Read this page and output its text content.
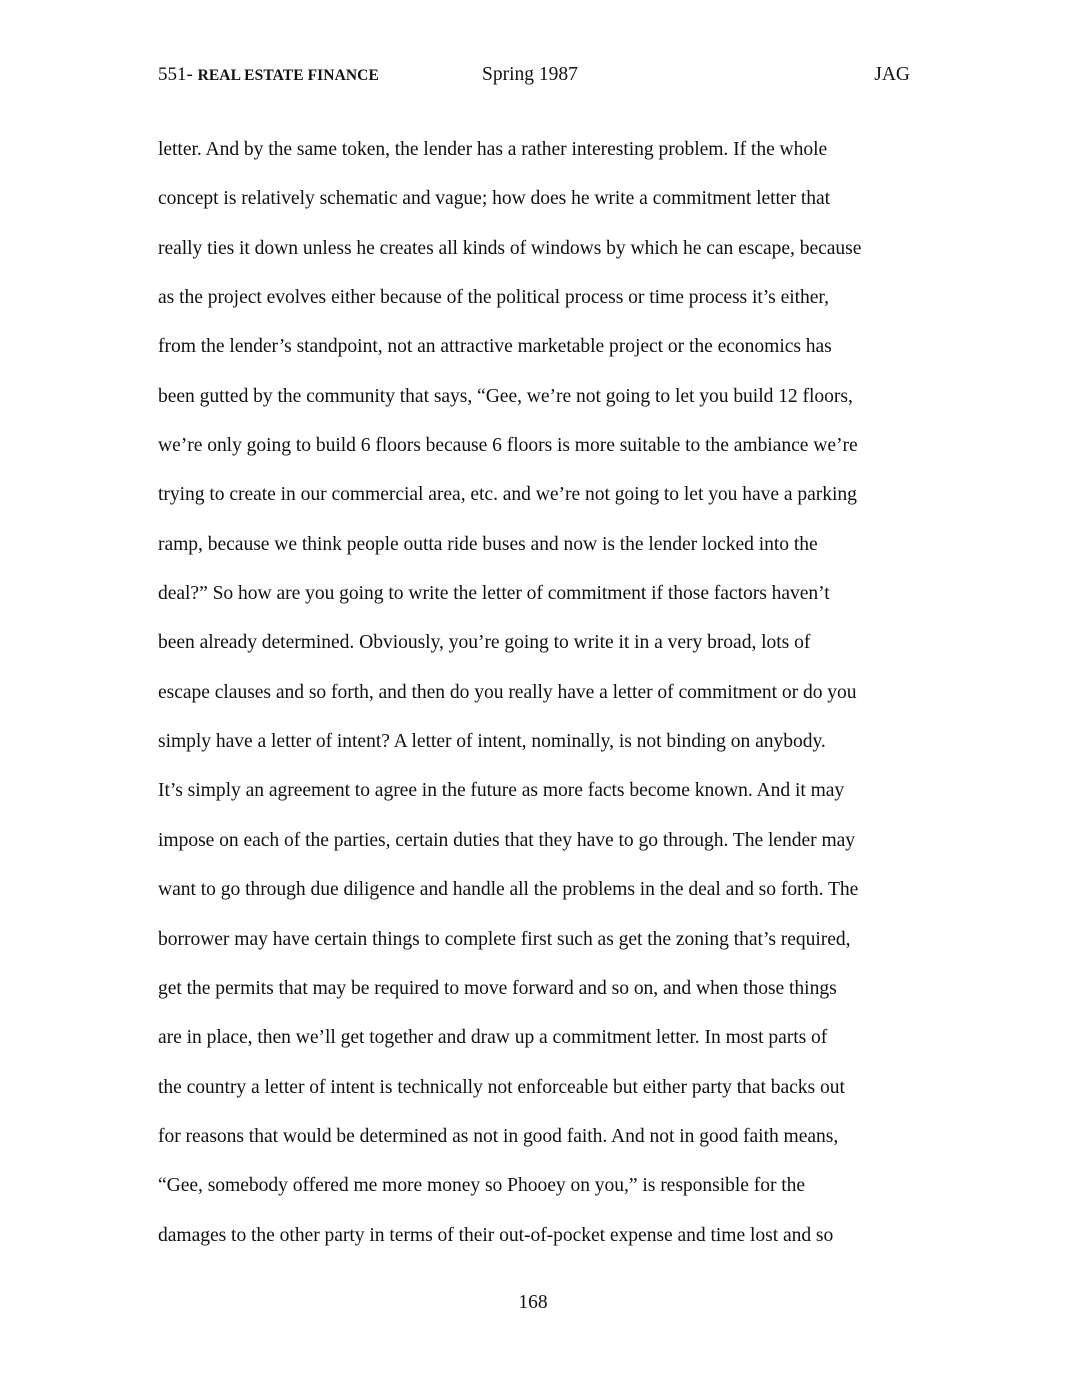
551- REAL ESTATE FINANCE	Spring 1987	JAG
letter. And by the same token, the lender has a rather interesting problem. If the whole
concept is relatively schematic and vague; how does he write a commitment letter that
really ties it down unless he creates all kinds of windows by which he can escape, because
as the project evolves either because of the political process or time process it’s either,
from the lender’s standpoint, not an attractive marketable project or the economics has
been gutted by the community that says, “Gee, we’re not going to let you build 12 floors,
we’re only going to build 6 floors because 6 floors is more suitable to the ambiance we’re
trying to create in our commercial area, etc. and we’re not going to let you have a parking
ramp, because we think people outta ride buses and now is the lender locked into the
deal?” So how are you going to write the letter of commitment if those factors haven’t
been already determined. Obviously, you’re going to write it in a very broad, lots of
escape clauses and so forth, and then do you really have a letter of commitment or do you
simply have a letter of intent? A letter of intent, nominally, is not binding on anybody.
It’s simply an agreement to agree in the future as more facts become known. And it may
impose on each of the parties, certain duties that they have to go through. The lender may
want to go through due diligence and handle all the problems in the deal and so forth. The
borrower may have certain things to complete first such as get the zoning that’s required,
get the permits that may be required to move forward and so on, and when those things
are in place, then we’ll get together and draw up a commitment letter. In most parts of
the country a letter of intent is technically not enforceable but either party that backs out
for reasons that would be determined as not in good faith. And not in good faith means,
“Gee, somebody offered me more money so Phooey on you,” is responsible for the
damages to the other party in terms of their out-of-pocket expense and time lost and so
168
